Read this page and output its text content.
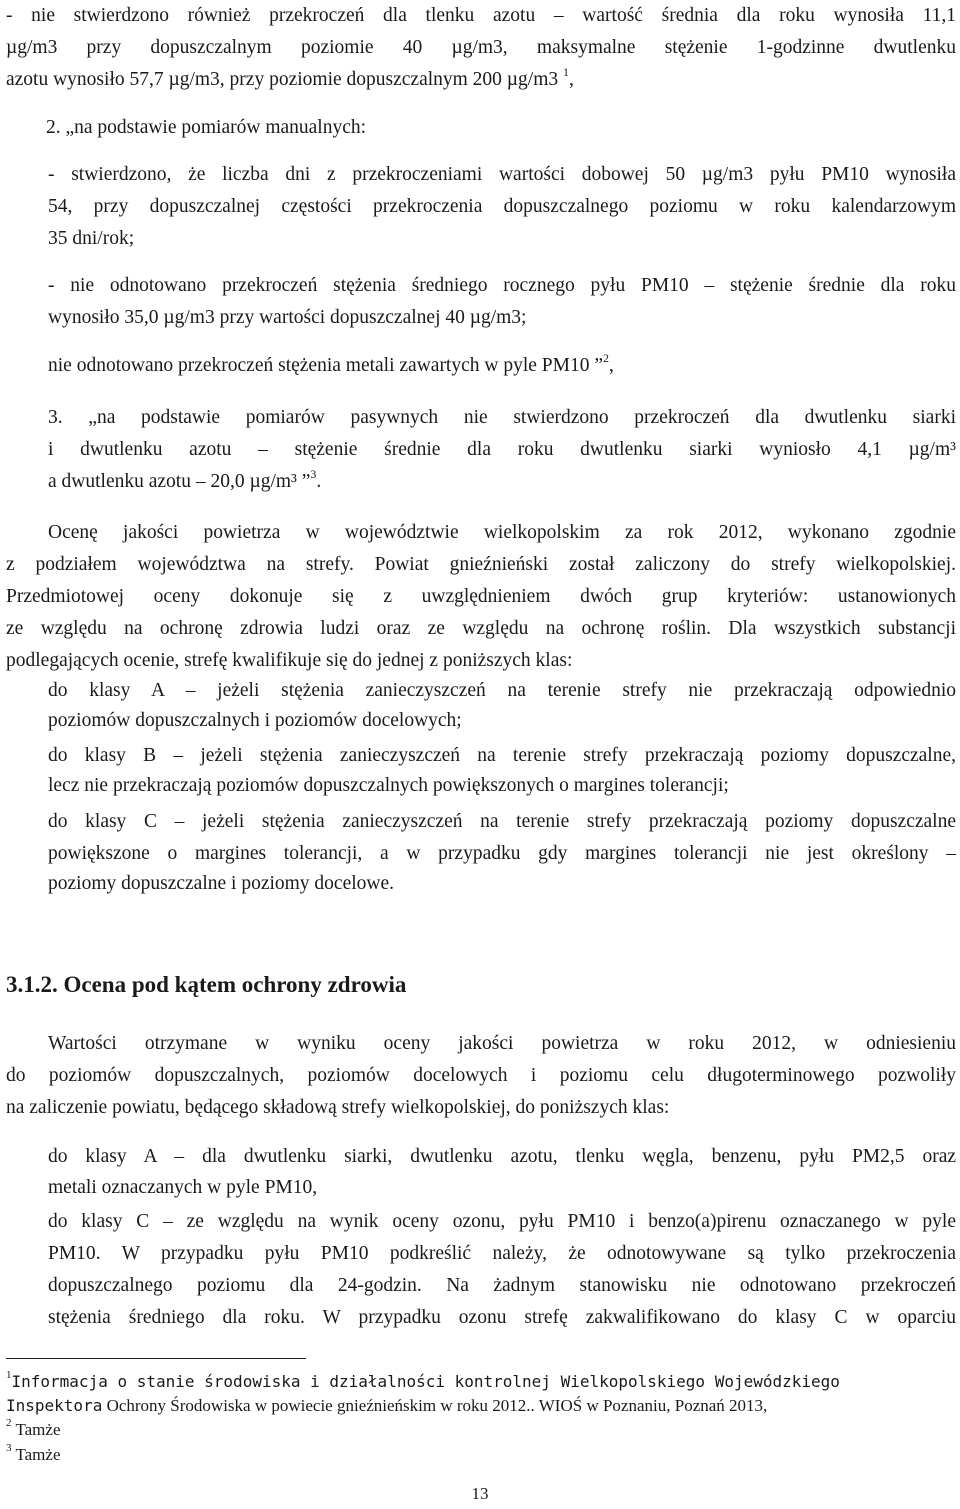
- nie stwierdzono również przekroczeń dla tlenku azotu – wartość średnia dla roku wynosiła 11,1
µg/m3 przy dopuszczalnym poziomie 40 µg/m3, maksymalne stężenie 1-godzinne dwutlenku
azotu wynosiło 57,7 µg/m3, przy poziomie dopuszczalnym 200 µg/m3 $^1$,
2. „na podstawie pomiarów manualnych:
- stwierdzono, że liczba dni z przekroczeniami wartości dobowej 50 µg/m3 pyłu PM10 wynosiła
54, przy dopuszczalnej częstości przekroczenia dopuszczalnego poziomu w roku kalendarzowym
35 dni/rok;
- nie odnotowano przekroczeń stężenia średniego rocznego pyłu PM10 – stężenie średnie dla roku
wynosiło 35,0 µg/m3 przy wartości dopuszczalnej 40 µg/m3;
nie odnotowano przekroczeń stężenia metali zawartych w pyle PM10 ”$^2$,
3. „na podstawie pomiarów pasywnych nie stwierdzono przekroczeń dla dwutlenku siarki
i dwutlenku azotu – stężenie średnie dla roku dwutlenku siarki wyniosło 4,1 µg/m³
a dwutlenku azotu – 20,0 µg/m³ ”$^3$.
Ocenę jakości powietrza w województwie wielkopolskim za rok 2012, wykonano zgodnie
z podziałem województwa na strefy. Powiat gnieźnieński został zaliczony do strefy wielkopolskiej.
Przedmiotowej oceny dokonuje się z uwzględnieniem dwóch grup kryteriów: ustanowionych
ze względu na ochronę zdrowia ludzi oraz ze względu na ochronę roślin. Dla wszystkich substancji
podlegających ocenie, strefę kwalifikuje się do jednej z poniższych klas:
do klasy A – jeżeli stężenia zanieczyszczeń na terenie strefy nie przekraczają odpowiednio
poziomów dopuszczalnych i poziomów docelowych;
do klasy B – jeżeli stężenia zanieczyszczeń na terenie strefy przekraczają poziomy dopuszczalne,
lecz nie przekraczają poziomów dopuszczalnych powiększonych o margines tolerancji;
do klasy C – jeżeli stężenia zanieczyszczeń na terenie strefy przekraczają poziomy dopuszczalne
powiększone o margines tolerancji, a w przypadku gdy margines tolerancji nie jest określony –
poziomy dopuszczalne i poziomy docelowe.
3.1.2. Ocena pod kątem ochrony zdrowia
Wartości otrzymane w wyniku oceny jakości powietrza w roku 2012, w odniesieniu
do poziomów dopuszczalnych, poziomów docelowych i poziomu celu długoterminowego pozwoliły
na zaliczenie powiatu, będącego składową strefy wielkopolskiej, do poniższych klas:
do klasy A – dla dwutlenku siarki, dwutlenku azotu, tlenku węgla, benzenu, pyłu PM2,5 oraz
metali oznaczanych w pyle PM10,
do klasy C – ze względu na wynik oceny ozonu, pyłu PM10 i benzo(a)pirenu oznaczanego w pyle
PM10. W przypadku pyłu PM10 podkreślić należy, że odnotowywane są tylko przekroczenia
dopuszczalnego poziomu dla 24-godzin. Na żadnym stanowisku nie odnotowano przekroczeń
stężenia średniego dla roku. W przypadku ozonu strefę zakwalifikowano do klasy C w oparciu
$^1$Informacja o stanie środowiska i działalności kontrolnej Wielkopolskiego Wojewódzkiego
Inspektora Ochrony Środowiska w powiecie gnieźnieńskim w roku 2012.. WIOŚ w Poznaniu, Poznań 2013,
$^2$ Tamże
$^3$ Tamże
13
